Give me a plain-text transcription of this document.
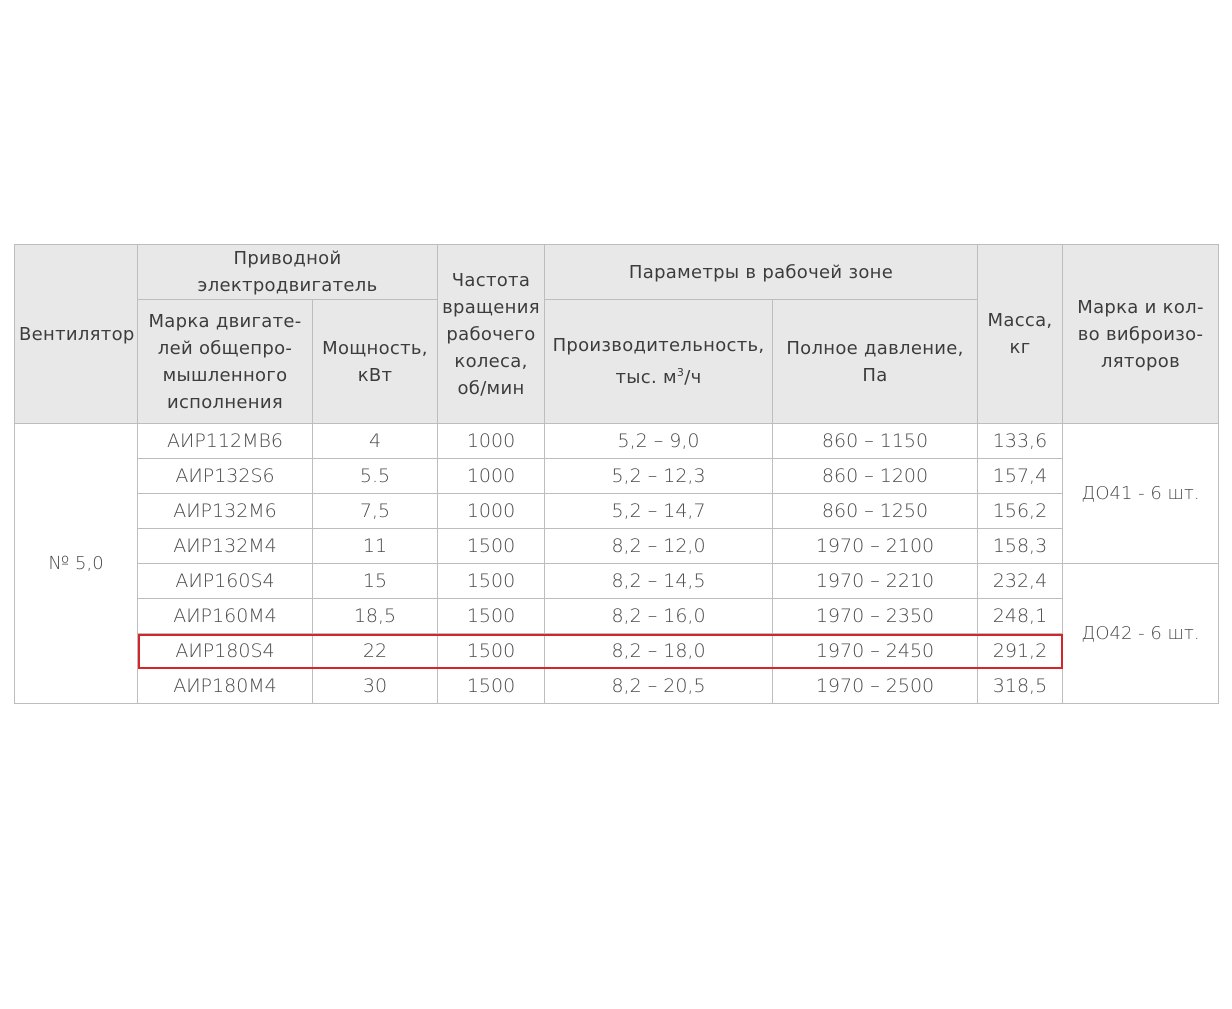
Вентилятор	Приводной электродвигатель		Частота вращения рабочего колеса, об/мин	Параметры в рабочей зоне		Масса, кг	Марка и кол-во виброизо-ляторов
	Марка двигате-лей общепро-мышленного исполнения	Мощность, кВт		Производительность, тыс. $м^3/ч$	Полное давление, Па		
№ 5,0	АИР112МВ6	4	1000	5,2 – 9,0	860 – 1150	133,6	ДО41 - 6 шт.
	АИР132S6	5.5	1000	5,2 – 12,3	860 – 1200	157,4	
	АИР132М6	7,5	1000	5,2 – 14,7	860 – 1250	156,2	
	АИР132М4	11	1500	8,2 – 12,0	1970 – 2100	158,3	
	АИР160S4	15	1500	8,2 – 14,5	1970 – 2210	232,4	ДО42 - 6 шт.
	АИР160М4	18,5	1500	8,2 – 16,0	1970 – 2350	248,1	
	АИР180S4	22	1500	8,2 – 18,0	1970 – 2450	291,2	
	АИР180М4	30	1500	8,2 – 20,5	1970 – 2500	318,5	
